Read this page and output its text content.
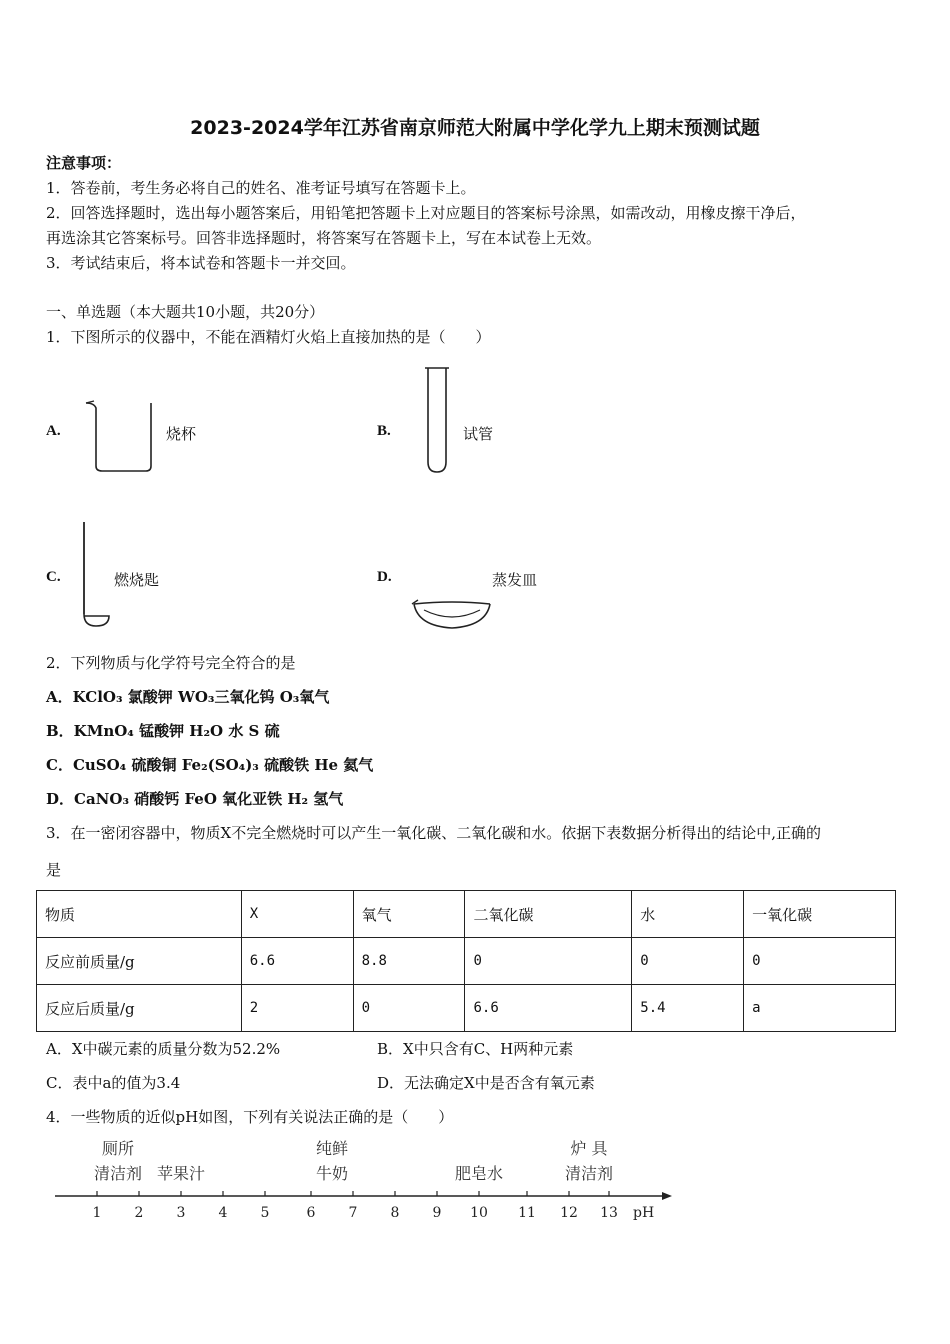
2023-2024学年江苏省南京师范大附属中学化学九上期末预测试题
注意事项：
1．答卷前，考生务必将自己的姓名、准考证号填写在答题卡上。
2．回答选择题时，选出每小题答案后，用铅笔把答题卡上对应题目的答案标号涂黑，如需改动，用橡皮擦干净后，
再选涂其它答案标号。回答非选择题时，将答案写在答题卡上，写在本试卷上无效。
3．考试结束后，将本试卷和答题卡一并交回。
一、单选题（本大题共10小题，共20分）
1．下图所示的仪器中，不能在酒精灯火焰上直接加热的是（　　）
A.	烧杯	B.	试管
C.	燃烧匙	D.	蒸发皿
2．下列物质与化学符号完全符合的是
A．KClO₃ 氯酸钾 WO₃三氧化钨 O₃氧气
B．KMnO₄ 锰酸钾 H₂O 水 S 硫
C．CuSO₄ 硫酸铜 Fe₂(SO₄)₃ 硫酸铁 He 氦气
D．CaNO₃ 硝酸钙 FeO 氧化亚铁 H₂ 氢气
3．在一密闭容器中，物质X不完全燃烧时可以产生一氧化碳、二氧化碳和水。依据下表数据分析得出的结论中,正确的
是
物质	X	氧气	二氧化碳	水	一氧化碳
反应前质量/g	6.6	8.8	0	0	0
反应后质量/g	2	0	6.6	5.4	a
A．X中碳元素的质量分数为52.2%	B．X中只含有C、H两种元素
C．表中a的值为3.4	D．无法确定X中是否含有氧元素
4．一些物质的近似pH如图，下列有关说法正确的是（　　）
1 2 3 4 5	6 7 8 9 10 11 12 13 pH
厕所
清洁剂 苹果汁
纯鲜
牛奶	肥皂水
炉 具
清洁剂
